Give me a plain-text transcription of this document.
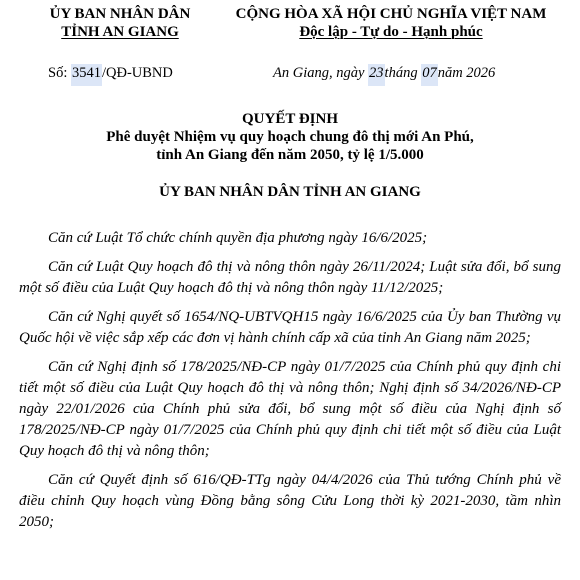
ỦY BAN NHÂN DÂN
TỈNH AN GIANG
CỘNG HÒA XÃ HỘI CHỦ NGHĨA VIỆT NAM
Độc lập - Tự do - Hạnh phúc
Số: 3541/QĐ-UBND	An Giang, ngày 23tháng 07năm 2026
QUYẾT ĐỊNH
Phê duyệt Nhiệm vụ quy hoạch chung đô thị mới An Phú,
tỉnh An Giang đến năm 2050, tỷ lệ 1/5.000
ỦY BAN NHÂN DÂN TỈNH AN GIANG

Căn cứ Luật Tổ chức chính quyền địa phương ngày 16/6/2025;

Căn cứ Luật Quy hoạch đô thị và nông thôn ngày 26/11/2024; Luật sửa đổi, bổ sung một số điều của Luật Quy hoạch đô thị và nông thôn ngày 11/12/2025;

Căn cứ Nghị quyết số 1654/NQ-UBTVQH15 ngày 16/6/2025 của Ủy ban Thường vụ Quốc hội về việc sắp xếp các đơn vị hành chính cấp xã của tỉnh An Giang năm 2025;

Căn cứ Nghị định số 178/2025/NĐ-CP ngày 01/7/2025 của Chính phủ quy định chi tiết một số điều của Luật Quy hoạch đô thị và nông thôn; Nghị định số 34/2026/NĐ-CP ngày 22/01/2026 của Chính phủ sửa đổi, bổ sung một số điều của Nghị định số 178/2025/NĐ-CP ngày 01/7/2025 của Chính phủ quy định chi tiết một số điều của Luật Quy hoạch đô thị và nông thôn;

Căn cứ Quyết định số 616/QĐ-TTg ngày 04/4/2026 của Thủ tướng Chính phủ về điều chỉnh Quy hoạch vùng Đồng bằng sông Cửu Long thời kỳ 2021-2030, tầm nhìn 2050;
